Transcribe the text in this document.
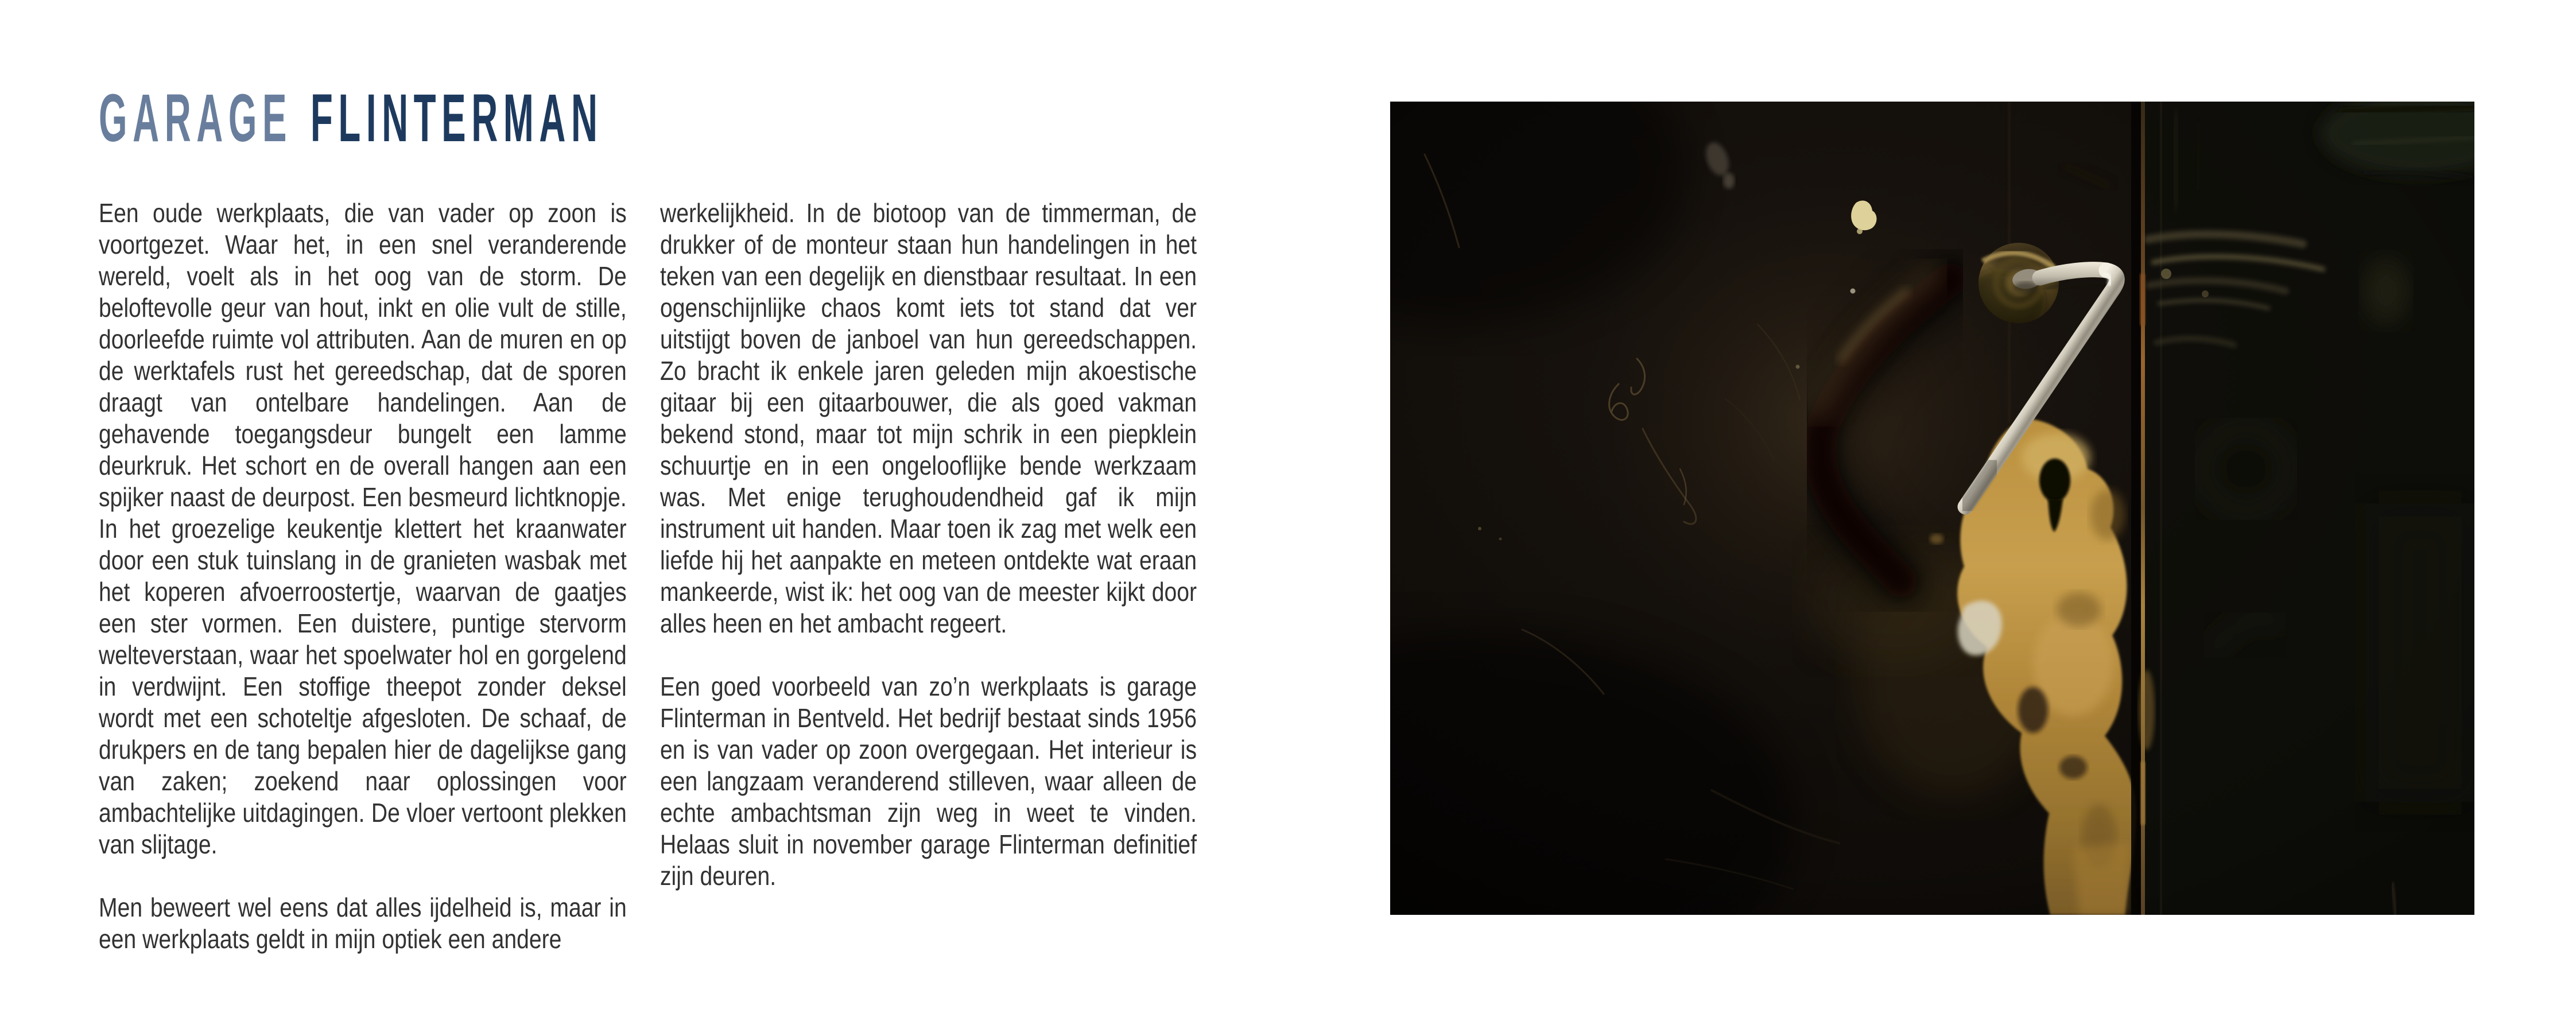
GARAGE FLINTERMAN

Een oude werkplaats, die van vader op zoon is voortgezet. Waar het, in een snel veranderende wereld, voelt als in het oog van de storm. De beloftevolle geur van hout, inkt en olie vult de stille, doorleefde ruimte vol attributen. Aan de muren en op de werktafels rust het gereedschap, dat de sporen draagt van ontelbare handelingen. Aan de gehavende toegangsdeur bungelt een lamme deurkruk. Het schort en de overall hangen aan een spijker naast de deurpost. Een besmeurd lichtknopje. In het groezelige keukentje klettert het kraanwater door een stuk tuinslang in de granieten wasbak met het koperen afvoerroostertje, waarvan de gaatjes een ster vormen. Een duistere, puntige stervorm welteverstaan, waar het spoelwater hol en gorgelend in verdwijnt. Een stoffige theepot zonder deksel wordt met een schoteltje afgesloten. De schaaf, de drukpers en de tang bepalen hier de dagelijkse gang van zaken; zoekend naar oplossingen voor ambachtelijke uitdagingen. De vloer vertoont plekken van slijtage.

Men beweert wel eens dat alles ijdelheid is, maar in een werkplaats geldt in mijn optiek een andere

werkelijkheid. In de biotoop van de timmerman, de drukker of de monteur staan hun handelingen in het teken van een degelijk en dienstbaar resultaat. In een ogenschijnlijke chaos komt iets tot stand dat ver uitstijgt boven de janboel van hun gereedschappen. Zo bracht ik enkele jaren geleden mijn akoestische gitaar bij een gitaarbouwer, die als goed vakman bekend stond, maar tot mijn schrik in een piepklein schuurtje en in een ongelooflijke bende werkzaam was. Met enige terughoudendheid gaf ik mijn instrument uit handen. Maar toen ik zag met welk een liefde hij het aanpakte en meteen ontdekte wat eraan mankeerde, wist ik: het oog van de meester kijkt door alles heen en het ambacht regeert.

Een goed voorbeeld van zo’n werkplaats is garage Flinterman in Bentveld. Het bedrijf bestaat sinds 1956 en is van vader op zoon overgegaan. Het interieur is een langzaam veranderend stilleven, waar alleen de echte ambachtsman zijn weg in weet te vinden. Helaas sluit in november garage Flinterman definitief zijn deuren.
